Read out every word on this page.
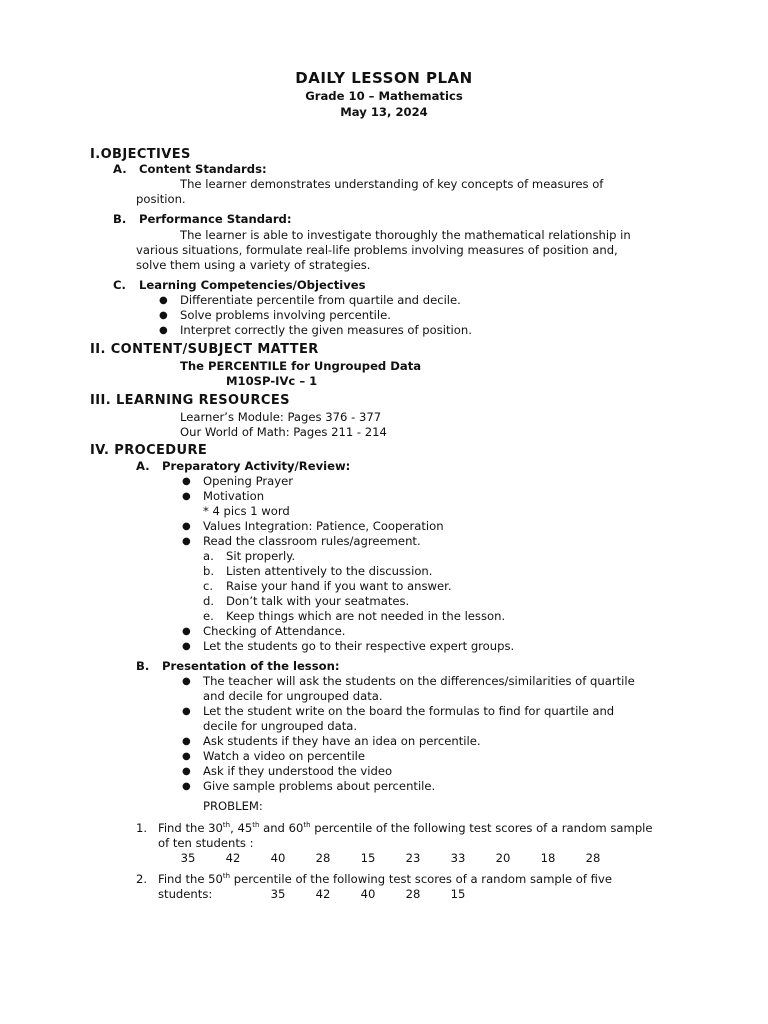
DAILY LESSON PLAN
Grade 10 – Mathematics
May 13, 2024
I.OBJECTIVES
A. Content Standards:
The learner demonstrates understanding of key concepts of measures of
position.
B. Performance Standard:
The learner is able to investigate thoroughly the mathematical relationship in
various situations, formulate real-life problems involving measures of position and,
solve them using a variety of strategies.
C. Learning Competencies/Objectives
● Differentiate percentile from quartile and decile.
● Solve problems involving percentile.
● Interpret correctly the given measures of position.
II. CONTENT/SUBJECT MATTER
The PERCENTILE for Ungrouped Data
M10SP-IVc – 1
III. LEARNING RESOURCES
Learner’s Module: Pages 376 - 377
Our World of Math: Pages 211 - 214
IV. PROCEDURE
A. Preparatory Activity/Review:
● Opening Prayer
● Motivation
* 4 pics 1 word
● Values Integration: Patience, Cooperation
● Read the classroom rules/agreement.
a. Sit properly.
b. Listen attentively to the discussion.
c. Raise your hand if you want to answer.
d. Don’t talk with your seatmates.
e. Keep things which are not needed in the lesson.
● Checking of Attendance.
● Let the students go to their respective expert groups.
B. Presentation of the lesson:
● The teacher will ask the students on the differences/similarities of quartile
and decile for ungrouped data.
● Let the student write on the board the formulas to find for quartile and
decile for ungrouped data.
● Ask students if they have an idea on percentile.
● Watch a video on percentile
● Ask if they understood the video
● Give sample problems about percentile.
PROBLEM:
1. Find the 30th, 45th and 60th percentile of the following test scores of a random sample
of ten students :
35	42	40	28	15	23	33	20	18	28
2. Find the 50th percentile of the following test scores of a random sample of five
students:	35	42	40	28	15
